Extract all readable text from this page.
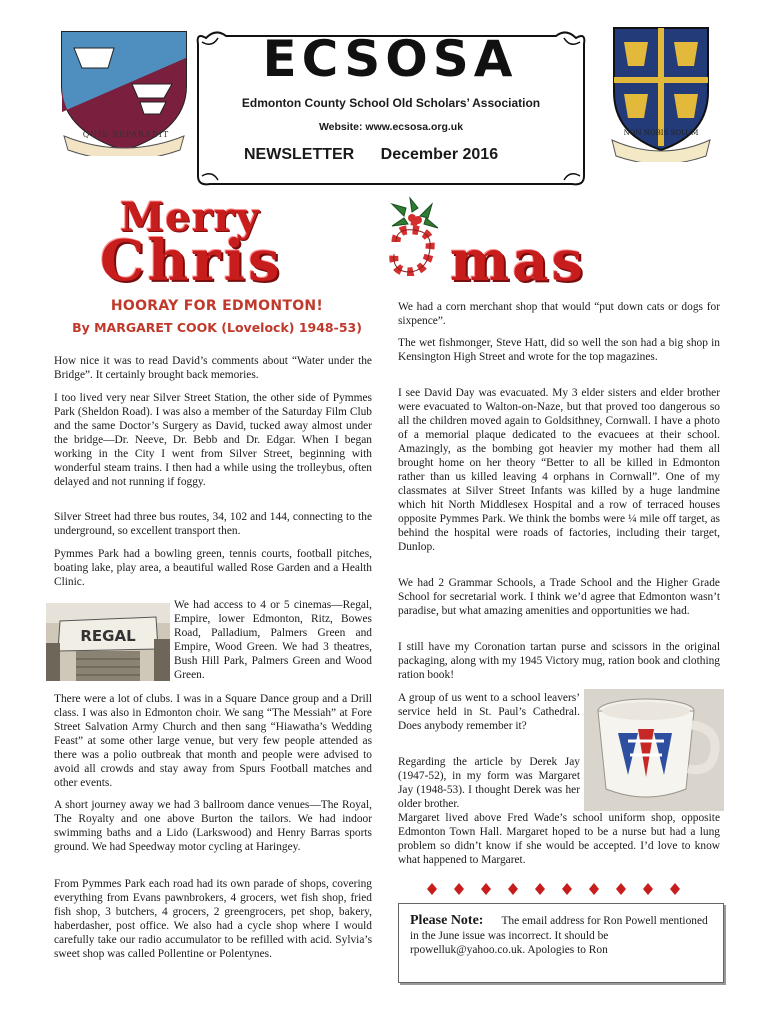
QUIS SEPARABIT	NON NOBIS SOLUM
ECSOSA
Edmonton County School Old Scholars’ Association
Website: www.ecsosa.org.uk
NEWSLETTER December 2016
Merry
Chris	mas
HOORAY FOR EDMONTON!
By MARGARET COOK (Lovelock) 1948-53)

How nice it was to read David’s comments about “Water under the Bridge”. It certainly brought back memories.

I too lived very near Silver Street Station, the other side of Pymmes Park (Sheldon Road). I was also a member of the Saturday Film Club and the same Doctor’s Surgery as David, tucked away almost under the bridge—Dr. Neeve, Dr. Bebb and Dr. Edgar. When I began working in the City I went from Silver Street, beginning with wonderful steam trains. I then had a while using the trolleybus, often delayed and not running if foggy.

Silver Street had three bus routes, 34, 102 and 144, connecting to the underground, so excellent transport then.

Pymmes Park had a bowling green, tennis courts, football pitches, boating lake, play area, a beautiful walled Rose Garden and a Health Clinic.

REGAL

We had access to 4 or 5 cinemas—Regal, Empire, lower Edmonton, Ritz, Bowes Road, Palladium, Palmers Green and Empire, Wood Green. We had 3 theatres, Bush Hill Park, Palmers Green and Wood Green.

There were a lot of clubs. I was in a Square Dance group and a Drill class. I was also in Edmonton choir. We sang “The Messiah” at Fore Street Salvation Army Church and then sang “Hiawatha’s Wedding Feast” at some other large venue, but very few people attended as there was a polio outbreak that month and people were advised to avoid all crowds and stay away from Spurs Football matches and other events.

A short journey away we had 3 ballroom dance venues—The Royal, The Royalty and one above Burton the tailors. We had indoor swimming baths and a Lido (Larkswood) and Henry Barras sports ground. We had Speedway motor cycling at Haringey.

From Pymmes Park each road had its own parade of shops, covering everything from Evans pawnbrokers, 4 grocers, wet fish shop, fried fish shop, 3 butchers, 4 grocers, 2 greengrocers, pet shop, bakery, haberdasher, post office. We also had a cycle shop where I would carefully take our radio accumulator to be refilled with acid. Sylvia’s sweet shop was called Pollentine or Polentynes.

We had a corn merchant shop that would “put down cats or dogs for sixpence”.

The wet fishmonger, Steve Hatt, did so well the son had a big shop in Kensington High Street and wrote for the top magazines.

I see David Day was evacuated. My 3 elder sisters and elder brother were evacuated to Walton-on-Naze, but that proved too dangerous so all the children moved again to Goldsithney, Cornwall. I have a photo of a memorial plaque dedicated to the evacuees at their school. Amazingly, as the bombing got heavier my mother had them all brought home on her theory “Better to all be killed in Edmonton rather than us killed leaving 4 orphans in Cornwall”. One of my classmates at Silver Street Infants was killed by a huge landmine which hit North Middlesex Hospital and a row of terraced houses opposite Pymmes Park. We think the bombs were ¼ mile off target, as behind the hospital were roads of factories, including their target, Dunlop.

We had 2 Grammar Schools, a Trade School and the Higher Grade School for secretarial work. I think we’d agree that Edmonton wasn’t paradise, but what amazing amenities and opportunities we had.

I still have my Coronation tartan purse and scissors in the original packaging, along with my 1945 Victory mug, ration book and clothing ration book!

A group of us went to a school leavers’ service held in St. Paul’s Cathedral. Does anybody remember it?

Regarding the article by Derek Jay (1947-52), in my form was Margaret Jay (1948-53). I thought Derek was her older brother.

Margaret lived above Fred Wade’s school uniform shop, opposite Edmonton Town Hall. Margaret hoped to be a nurse but had a lung problem so didn’t know if she would be accepted. I’d love to know what happened to Margaret.

Please Note: The email address for Ron Powell mentioned in the June issue was incorrect. It should be rpowelluk@yahoo.co.uk. Apologies to Ron
